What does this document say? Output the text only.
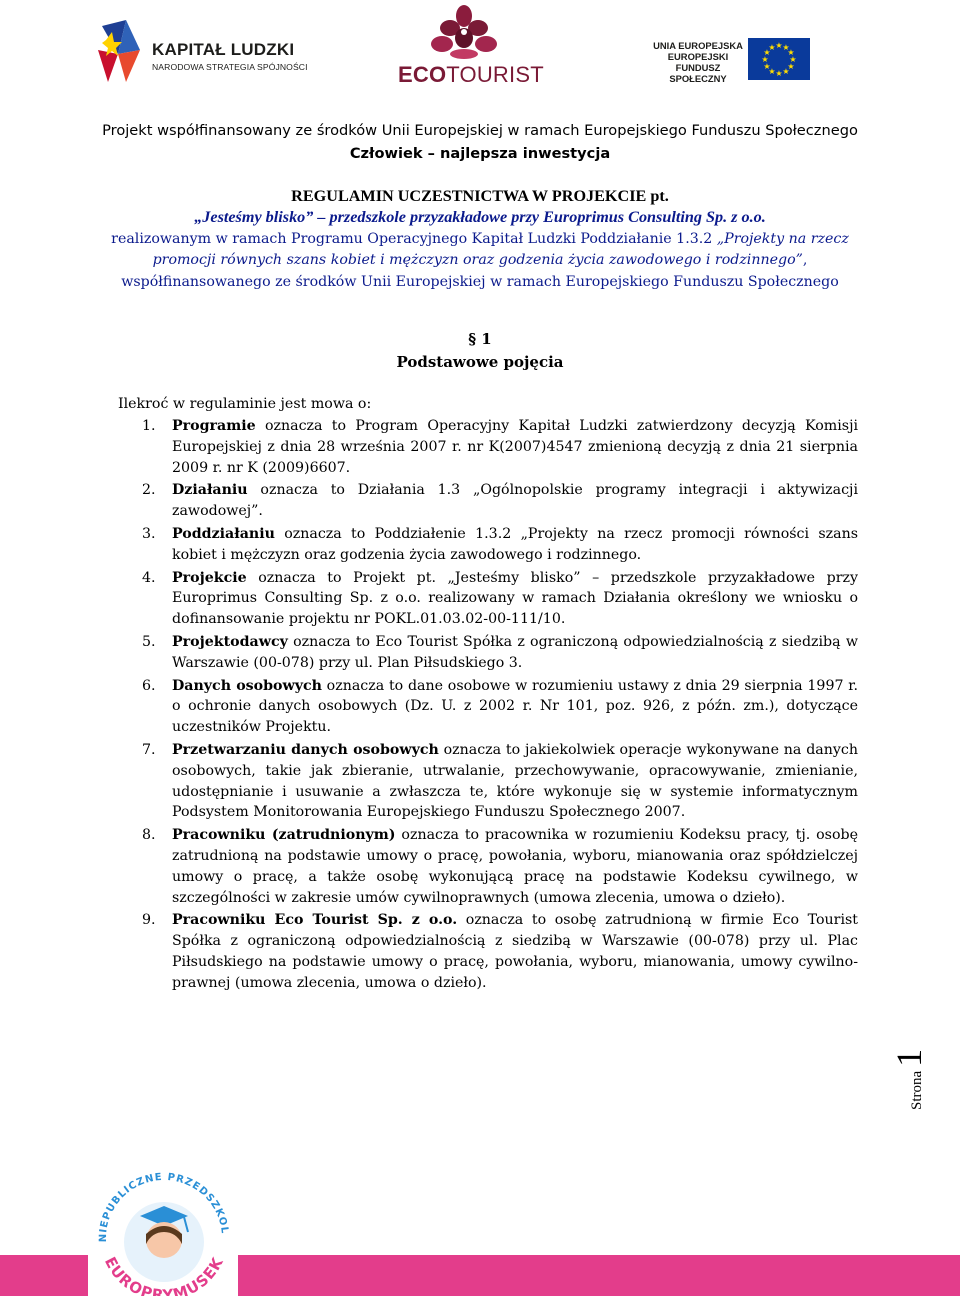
KAPITAŁ LUDZKI
NARODOWA STRATEGIA SPÓJNOŚCI	ECOTOURIST
UNIA EUROPEJSKA
EUROPEJSKI
FUNDUSZ SPOŁECZNY
★ ★
★
★
★
★
★
★
★
★
★
★
Projekt współfinansowany ze środków Unii Europejskiej w ramach Europejskiego Funduszu Społecznego
Człowiek – najlepsza inwestycja
REGULAMIN UCZESTNICTWA W PROJEKCIE pt.
„Jesteśmy blisko” – przedszkole przyzakładowe przy Europrimus Consulting Sp. z o.o.
realizowanym w ramach Programu Operacyjnego Kapitał Ludzki Poddziałanie 1.3.2 „Projekty na rzecz promocji równych szans kobiet i mężczyzn oraz godzenia życia zawodowego i rodzinnego”, współfinansowanego ze środków Unii Europejskiej w ramach Europejskiego Funduszu Społecznego
§ 1
Podstawowe pojęcia
Ilekroć w regulaminie jest mowa o:
1. Programie oznacza to Program Operacyjny Kapitał Ludzki zatwierdzony decyzją Komisji Europejskiej z dnia 28 września 2007 r. nr K(2007)4547 zmienioną decyzją z dnia 21 sierpnia 2009 r. nr K (2009)6607.
2. Działaniu oznacza to Działania 1.3 „Ogólnopolskie programy integracji i aktywizacji zawodowej”.
3. Poddziałaniu oznacza to Poddziałenie 1.3.2 „Projekty na rzecz promocji równości szans kobiet i mężczyzn oraz godzenia życia zawodowego i rodzinnego.
4. Projekcie oznacza to Projekt pt. „Jesteśmy blisko” – przedszkole przyzakładowe przy Europrimus Consulting Sp. z o.o. realizowany w ramach Działania określony we wniosku o dofinansowanie projektu nr POKL.01.03.02-00-111/10.
5. Projektodawcy oznacza to Eco Tourist Spółka z ograniczoną odpowiedzialnością z siedzibą w Warszawie (00-078) przy ul. Plan Piłsudskiego 3.
6. Danych osobowych oznacza to dane osobowe w rozumieniu ustawy z dnia 29 sierpnia 1997 r. o ochronie danych osobowych (Dz. U. z 2002 r. Nr 101, poz. 926, z późn. zm.), dotyczące uczestników Projektu.
7. Przetwarzaniu danych osobowych oznacza to jakiekolwiek operacje wykonywane na danych osobowych, takie jak zbieranie, utrwalanie, przechowywanie, opracowywanie, zmienianie, udostępnianie i usuwanie a zwłaszcza te, które wykonuje się w systemie informatycznym Podsystem Monitorowania Europejskiego Funduszu Społecznego 2007.
8. Pracowniku (zatrudnionym) oznacza to pracownika w rozumieniu Kodeksu pracy, tj. osobę zatrudnioną na podstawie umowy o pracę, powołania, wyboru, mianowania oraz spółdzielczej umowy o pracę, a także osobę wykonującą pracę na podstawie Kodeksu cywilnego, w szczególności w zakresie umów cywilnoprawnych (umowa zlecenia, umowa o dzieło).
9. Pracowniku Eco Tourist Sp. z o.o. oznacza to osobę zatrudnioną w firmie Eco Tourist Spółka z ograniczoną odpowiedzialnością z siedzibą w Warszawie (00-078) przy ul. Plac Piłsudskiego na podstawie umowy o pracę, powołania, wyboru, mianowania, umowy cywilno-prawnej (umowa zlecenia, umowa o dzieło).
Strona1
NIEPUBLICZNE PRZEDSZKOL
EUROPRYMUSEK
